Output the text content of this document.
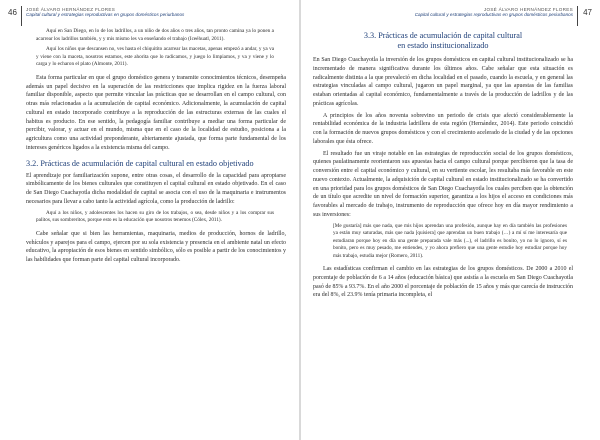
46 JOSÉ ÁLVARO HERNÁNDEZ FLORES
Capital cultural y estrategias reproductivas en grupos domésticos periurbanos

Aquí en San Diego, en lo de los ladrillos, a un niño de dos años o tres años, tan pronto camina ya lo ponen a acarrear los ladrillos también, y y mis mismo les va enseñando el trabajo (Iceéhuatl, 2011).

Aquí los niños que descansen no, ves hasta el chiquitito acarrear las macetas, apenas empezó a andar, y ya va y viene con la maceta, nosotros estamos, este ahorita que lo radicamos, y juego lo limpiamos, y va y viene y lo carga y lo echaron el plato (Almonte, 2011).

Esta forma particular en que el grupo doméstico genera y transmite conocimientos técnicos, desempeña además un papel decisivo en la superación de las restricciones que implica rigidez en la fuerza laboral familiar disponible, aspecto que permite vincular las prácticas que se desarrollan en el campo cultural, con otras más relacionadas a la acumulación de capital económico. Adicionalmente, la acumulación de capital cultural en estado incorporado contribuye a la reproducción de las estructuras externas de las cuales el habitus es producto. En ese sentido, la pedagogía familiar contribuye a mediar una forma particular de percibir, valorar, y actuar en el mundo, misma que en el caso de la localidad de estudio, posiciona a la agricultura como una actividad preponderante, abiertamente ajustada, que forma parte fundamental de los intereses genéricos ligados a la existencia misma del campo.

3.2. Prácticas de acumulación de capital cultural en estado objetivado

El aprendizaje por familiarización supone, entre otras cosas, el desarrollo de la capacidad para apropiarse simbólicamente de los bienes culturales que constituyen el capital cultural en estado objetivado. En el caso de San Diego Cuachayotla dicha modalidad de capital se asocia con el uso de la maquinaria e instrumentos necesarios para llevar a cabo tanto la actividad agrícola, como la producción de ladrillo:

Aquí a los niños, y adolescentes los hacen su giro de los trabajos, o sea, desde niños y a los comprar sus palitos, sus sombreritos, porque esto es la educación que nosotros tenemos (Cólex, 2011).

Cabe señalar que si bien las herramientas, maquinaria, medios de producción, hornos de ladrillo, vehículos y aparejos para el campo, ejercen por su sola existencia y presencia en el ambiente natal un efecto educativo, la apropiación de esos bienes en sentido simbólico, sólo es posible a partir de los conocimientos y las habilidades que forman parte del capital cultural incorporado.

47
JOSÉ ÁLVARO HERNÁNDEZ FLORES
Capital cultural y estrategias reproductivas en grupos domésticos periurbanos
3.3. Prácticas de acumulación de capital cultural
en estado institucionalizado

En San Diego Cuachayotla la inversión de los grupos domésticos en capital cultural institucionalizado se ha incrementado de manera significativa durante los últimos años. Cabe señalar que esta situación es radicalmente distinta a la que prevaleció en dicha localidad en el pasado, cuando la escuela, y en general las estrategias vinculadas al campo cultural, jugaron un papel marginal, ya que las apuestas de las familias estaban orientadas al capital económico, fundamentalmente a través de la producción de ladrillos y de las prácticas agrícolas.

A principios de los años noventa sobrevino un periodo de crisis que afectó considerablemente la rentabilidad económica de la industria ladrillera de esta región (Hernández, 2014). Este periodo coincidió con la formación de nuevos grupos domésticos y con el crecimiento acelerado de la ciudad y de las opciones laborales que ésta ofrece.

El resultado fue un viraje notable en las estrategias de reproducción social de los grupos domésticos, quienes paulatinamente reorientaron sus apuestas hacia el campo cultural porque percibieron que la tasa de conversión entre el capital económico y cultural, en su vertiente escolar, les resultaba más favorable en este nuevo contexto. Actualmente, la adquisición de capital cultural en estado institucionalizado se ha convertido en una prioridad para los grupos domésticos de San Diego Cuachayotla los cuales perciben que la obtención de un título que acredite un nivel de formación superior, garantiza a los hijos el acceso en condiciones más favorables al mercado de trabajo, instrumento de reproducción que ofrece hoy en día mayor rendimiento a sus inversiones:

[Me gustaría] más que nada, que mis hijos aprendan una profesión, aunque hay en día también las profesiones ya están muy saturadas, más que nada [quisiera] que aprendan un buen trabajo (…) a mí sí me interesaría que estudiaran porque hoy en día una gente preparada vale más (...), el ladrillo es bonito, yo no lo ignoro, sí es bonito, pero es muy pesado, me entiendes, y yo ahora prefiero que una gente estudie hoy estudiar porque hoy más trabajo, estudia mejor (Romero, 2011).

Las estadísticas confirman el cambio en las estrategias de los grupos domésticos. De 2000 a 2010 el porcentaje de población de 6 a 14 años (educación básica) que asistía a la escuela en San Diego Cuachayotla pasó de 85% a 93.7%. En el año 2000 el porcentaje de población de 15 años y más que carecía de instrucción era del 8%, el 23.9% tenía primaria incompleta, el
